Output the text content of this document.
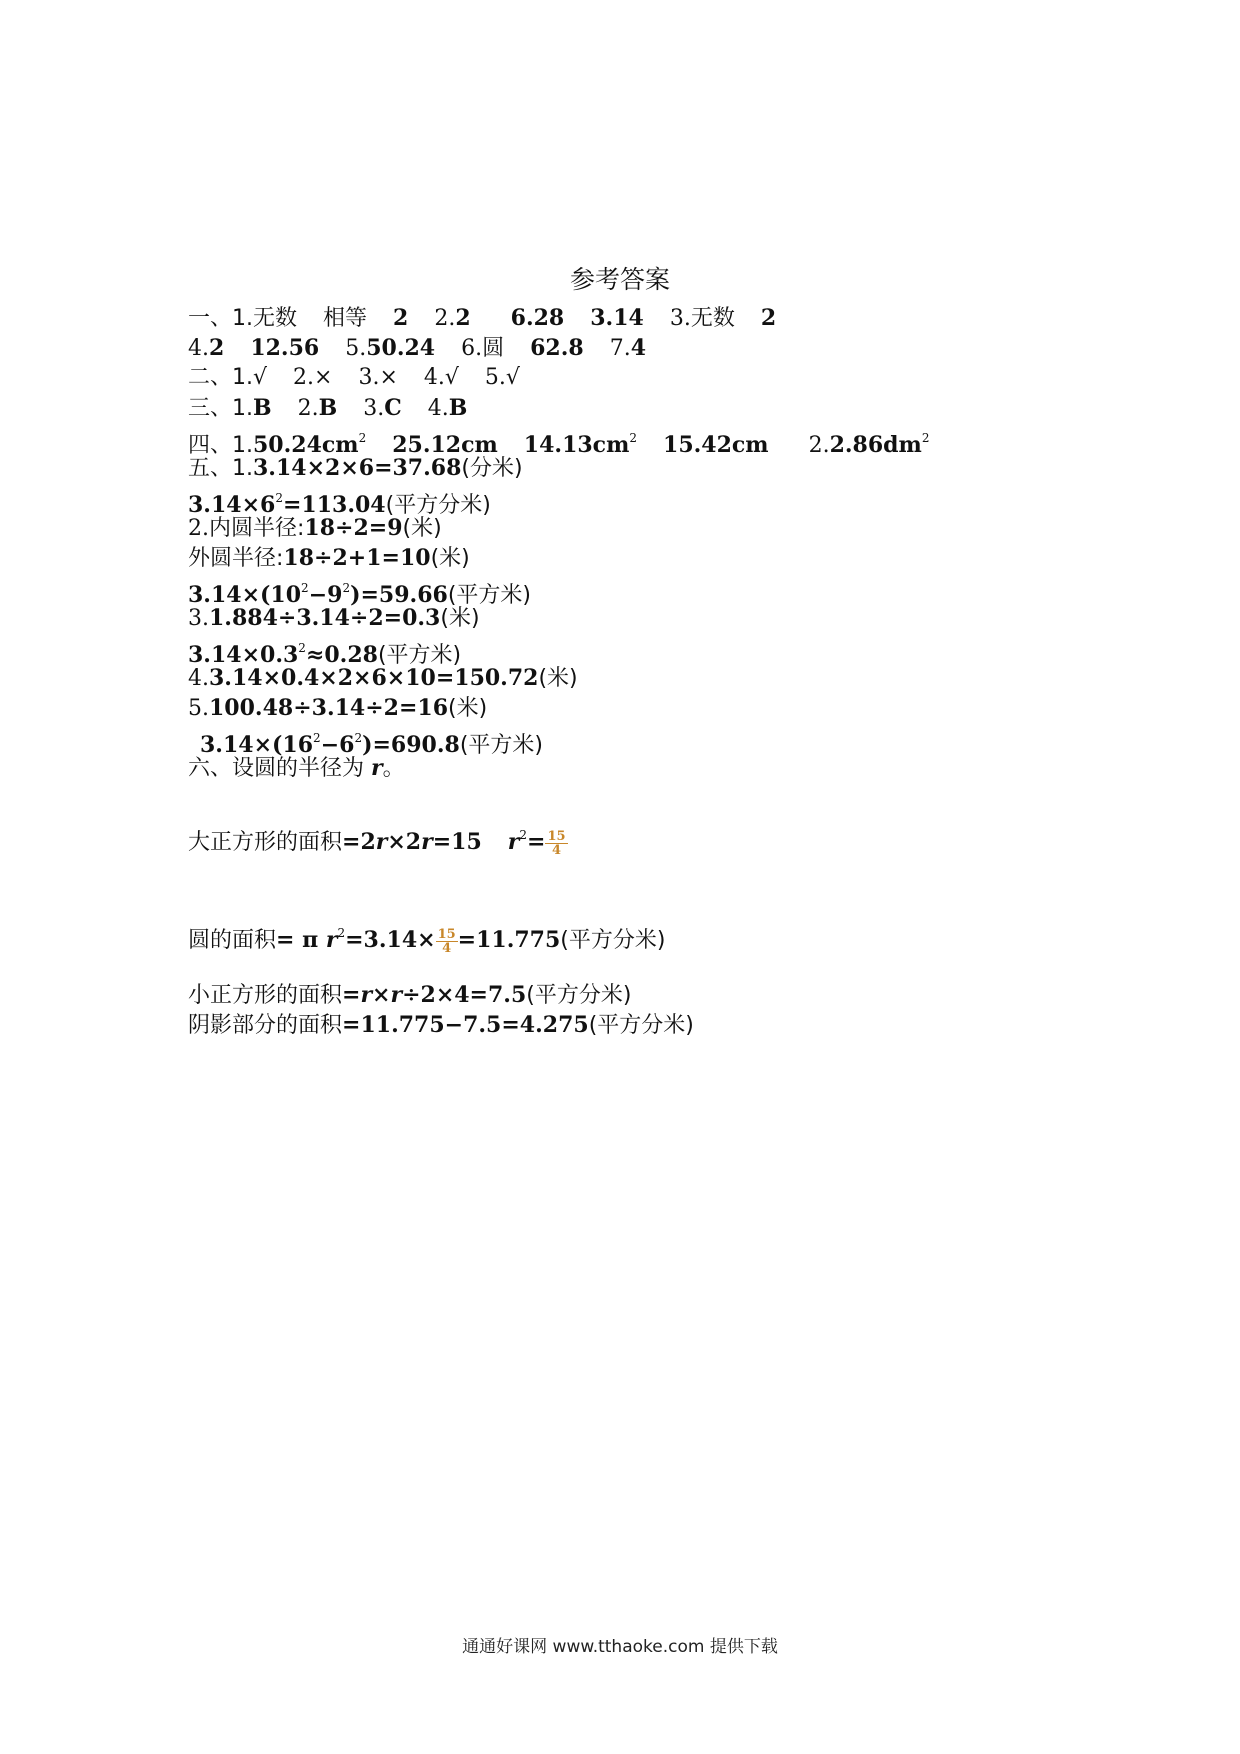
参考答案
一、1.无数 相等 2 2.2 6.28 3.14 3.无数 2
4.2 12.56 5.50.24 6.圆 62.8 7.4
二、1.√ 2.× 3.× 4.√ 5.√
三、1.B 2.B 3.C 4.B
四、$1.50.24cm^2$ 25.12cm $14.13cm^2$ 15.42cm $2.2.86dm^2$
五、1.3.14×2×6=37.68(分米)
$3.14\times 6^2=113.04$(平方分米)
2.内圆半径:18÷2=9(米)
外圆半径:18÷2+1=10(米)
$3.14\times(10^2-9^2)=59.66$(平方米)
3.1.884÷3.14÷2=0.3(米)
$3.14\times 0.3^2\approx 0.28$(平方米)
4.3.14×0.4×2×6×10=150.72(米)
5.100.48÷3.14÷2=16(米)
$3.14\times(16^2-6^2)=690.8$(平方米)
六、设圆的半径为 r。
大正方形的面积=2r×2r=15 $r^2= \frac{15}{4}$
圆的面积= π $r^2=3.14\times \frac{15}{4} =11.775$(平方分米)
小正方形的面积=r×r÷2×4=7.5(平方分米)
阴影部分的面积=11.775−7.5=4.275(平方分米)
通通好课网 www.tthaoke.com 提供下载
